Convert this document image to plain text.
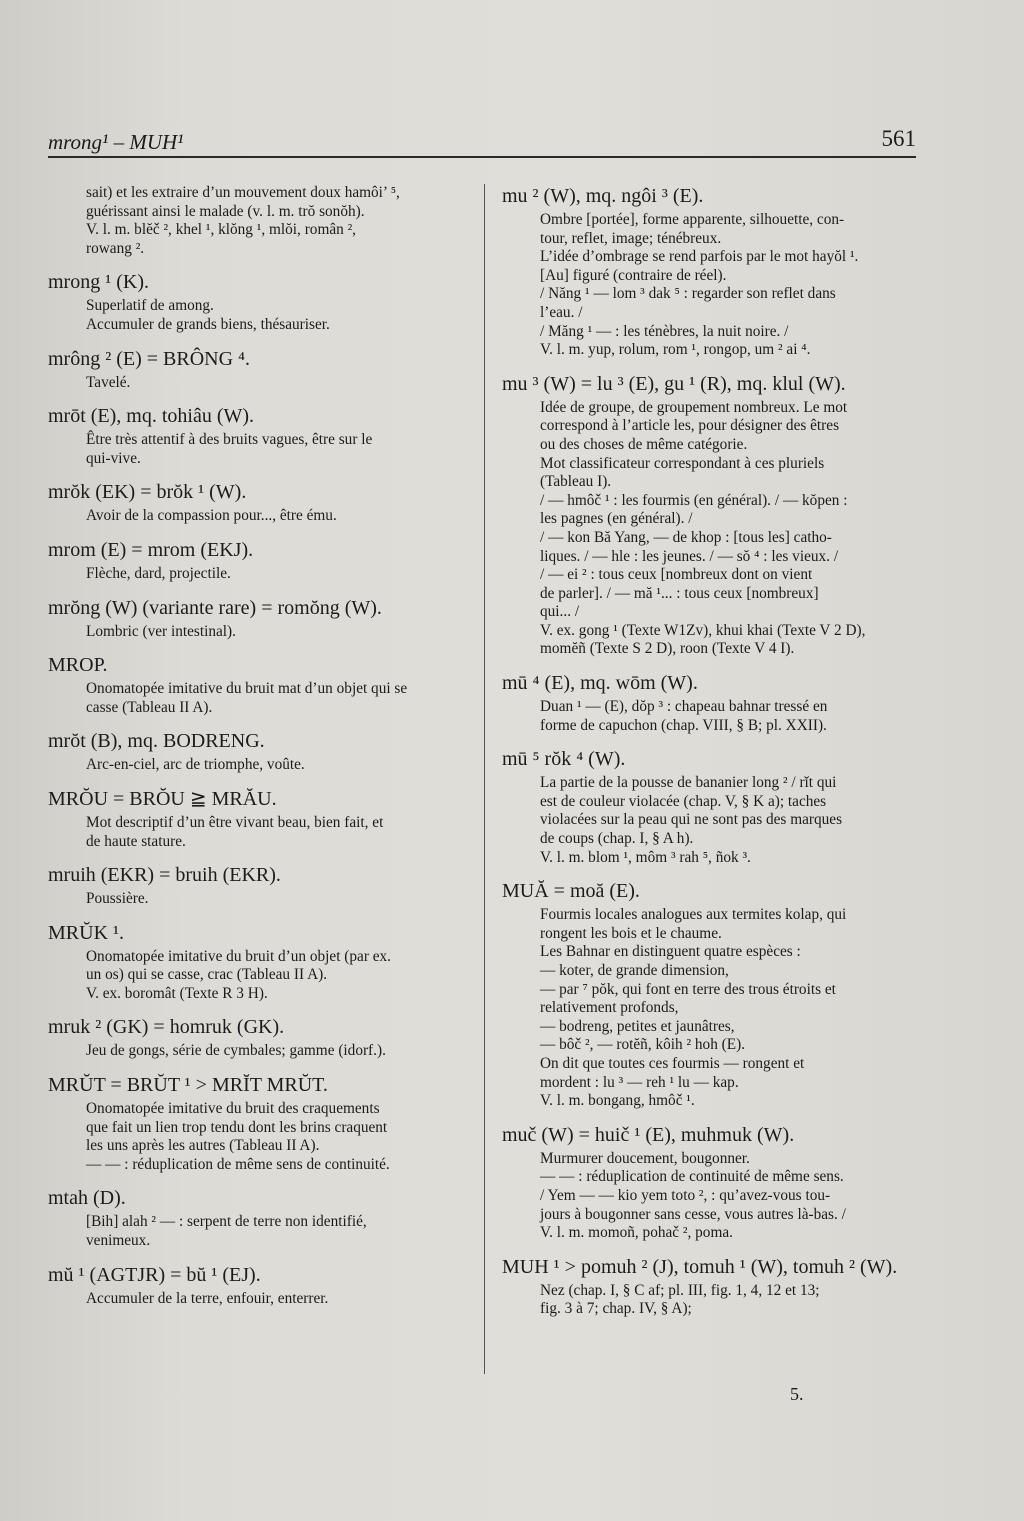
mrong¹ – MUH¹	561
sait) et les extraire d’un mouvement doux hamôi’ ⁵,
guérissant ainsi le malade (v. l. m. trŏ sonŏh).
V. l. m. blĕč ², khel ¹, klŏng ¹, mlŏi, român ²,
rowang ².
mrong ¹ (K).
Superlatif de among.
Accumuler de grands biens, thésauriser.
mrông ² (E) = BRÔNG ⁴.
Tavelé.
mrōt (E), mq. tohiâu (W).
Être très attentif à des bruits vagues, être sur le
qui-vive.
mrŏk (EK) = brŏk ¹ (W).
Avoir de la compassion pour..., être ému.
mrom (E) = mrom (EKJ).
Flèche, dard, projectile.
mrŏng (W) (variante rare) = romŏng (W).
Lombric (ver intestinal).
MROP.
Onomatopée imitative du bruit mat d’un objet qui se
casse (Tableau II A).
mrŏt (B), mq. BODRENG.
Arc-en-ciel, arc de triomphe, voûte.
MRŎU = BRŎU ≧ MRĂU.
Mot descriptif d’un être vivant beau, bien fait, et
de haute stature.
mruih (EKR) = bruih (EKR).
Poussière.
MRŬK ¹.
Onomatopée imitative du bruit d’un objet (par ex.
un os) qui se casse, crac (Tableau II A).
V. ex. boromât (Texte R 3 H).
mruk ² (GK) = homruk (GK).
Jeu de gongs, série de cymbales; gamme (idorf.).
MRŬT = BRŬT ¹ > MRĬT MRŬT.
Onomatopée imitative du bruit des craquements
que fait un lien trop tendu dont les brins craquent
les uns après les autres (Tableau II A).
— — : réduplication de même sens de continuité.
mtah (D).
[Bih] alah ² — : serpent de terre non identifié,
venimeux.
mŭ ¹ (AGTJR) = bŭ ¹ (EJ).
Accumuler de la terre, enfouir, enterrer.
mu ² (W), mq. ngôi ³ (E).
Ombre [portée], forme apparente, silhouette, con-
tour, reflet, image; ténébreux.
L’idée d’ombrage se rend parfois par le mot hayŏl ¹.
[Au] figuré (contraire de réel).
/ Năng ¹ — lom ³ dak ⁵ : regarder son reflet dans
l’eau. /
/ Măng ¹ — : les ténèbres, la nuit noire. /
V. l. m. yup, rolum, rom ¹, rongop, um ² ai ⁴.
mu ³ (W) = lu ³ (E), gu ¹ (R), mq. klul (W).
Idée de groupe, de groupement nombreux. Le mot
correspond à l’article les, pour désigner des êtres
ou des choses de même catégorie.
Mot classificateur correspondant à ces pluriels
(Tableau I).
/ — hmôč ¹ : les fourmis (en général). / — kŏpen :
les pagnes (en général). /
/ — kon Bă Yang, — de khop : [tous les] catho-
liques. / — hle : les jeunes. / — sŏ ⁴ : les vieux. /
/ — ei ² : tous ceux [nombreux dont on vient
de parler]. / — mă ¹... : tous ceux [nombreux]
qui... /
V. ex. gong ¹ (Texte W1Zv), khui khai (Texte V 2 D),
momĕñ (Texte S 2 D), roon (Texte V 4 I).
mū ⁴ (E), mq. wōm (W).
Duan ¹ — (E), dŏp ³ : chapeau bahnar tressé en
forme de capuchon (chap. VIII, § B; pl. XXII).
mū ⁵ rŏk ⁴ (W).
La partie de la pousse de bananier long ² / rĭt qui
est de couleur violacée (chap. V, § K a); taches
violacées sur la peau qui ne sont pas des marques
de coups (chap. I, § A h).
V. l. m. blom ¹, môm ³ rah ⁵, ñok ³.
MUĂ = moă (E).
Fourmis locales analogues aux termites kolap, qui
rongent les bois et le chaume.
Les Bahnar en distinguent quatre espèces :
— koter, de grande dimension,
— par ⁷ pŏk, qui font en terre des trous étroits et
relativement profonds,
— bodreng, petites et jaunâtres,
— bôč ², — rotĕñ, kôih ² hoh (E).
On dit que toutes ces fourmis — rongent et
mordent : lu ³ — reh ¹ lu — kap.
V. l. m. bongang, hmôč ¹.
muč (W) = huič ¹ (E), muhmuk (W).
Murmurer doucement, bougonner.
— — : réduplication de continuité de même sens.
/ Yem — — kio yem toto ², : qu’avez-vous tou-
jours à bougonner sans cesse, vous autres là-bas. /
V. l. m. momoñ, pohač ², poma.
MUH ¹ > pomuh ² (J), tomuh ¹ (W), tomuh ² (W).
Nez (chap. I, § C af; pl. III, fig. 1, 4, 12 et 13;
fig. 3 à 7; chap. IV, § A);
5.
